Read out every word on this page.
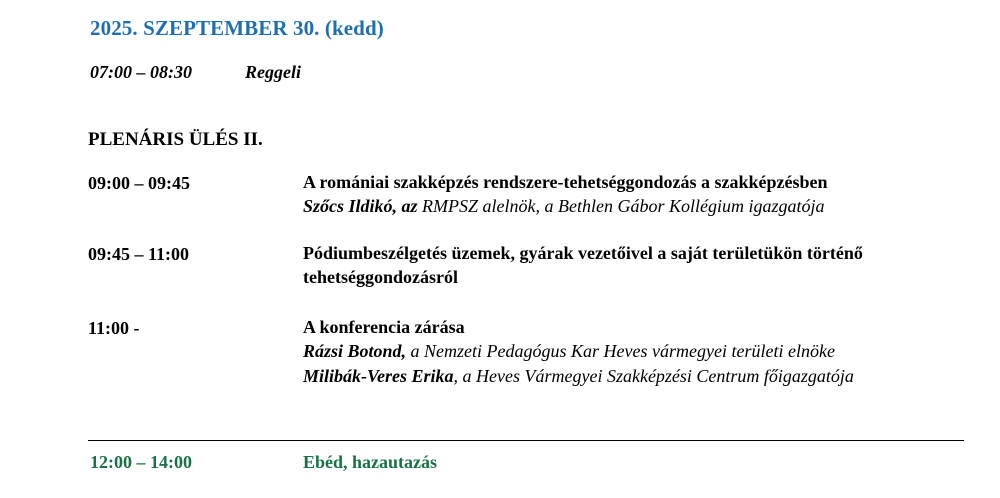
2025. SZEPTEMBER 30. (kedd)
07:00 – 08:30	Reggeli
PLENÁRIS ÜLÉS II.
09:00 – 09:45	A romániai szakképzés rendszere-tehetséggondozás a szakképzésben
Szőcs Ildikó, az RMPSZ alelnök, a Bethlen Gábor Kollégium igazgatója
09:45 – 11:00	Pódiumbeszélgetés üzemek, gyárak vezetőivel a saját területükön történő tehetséggondozásról
11:00 -	A konferencia zárása
Rázsi Botond, a Nemzeti Pedagógus Kar Heves vármegyei területi elnöke
Milibák-Veres Erika, a Heves Vármegyei Szakképzési Centrum főigazgatója
12:00 – 14:00	Ebéd, hazautazás
